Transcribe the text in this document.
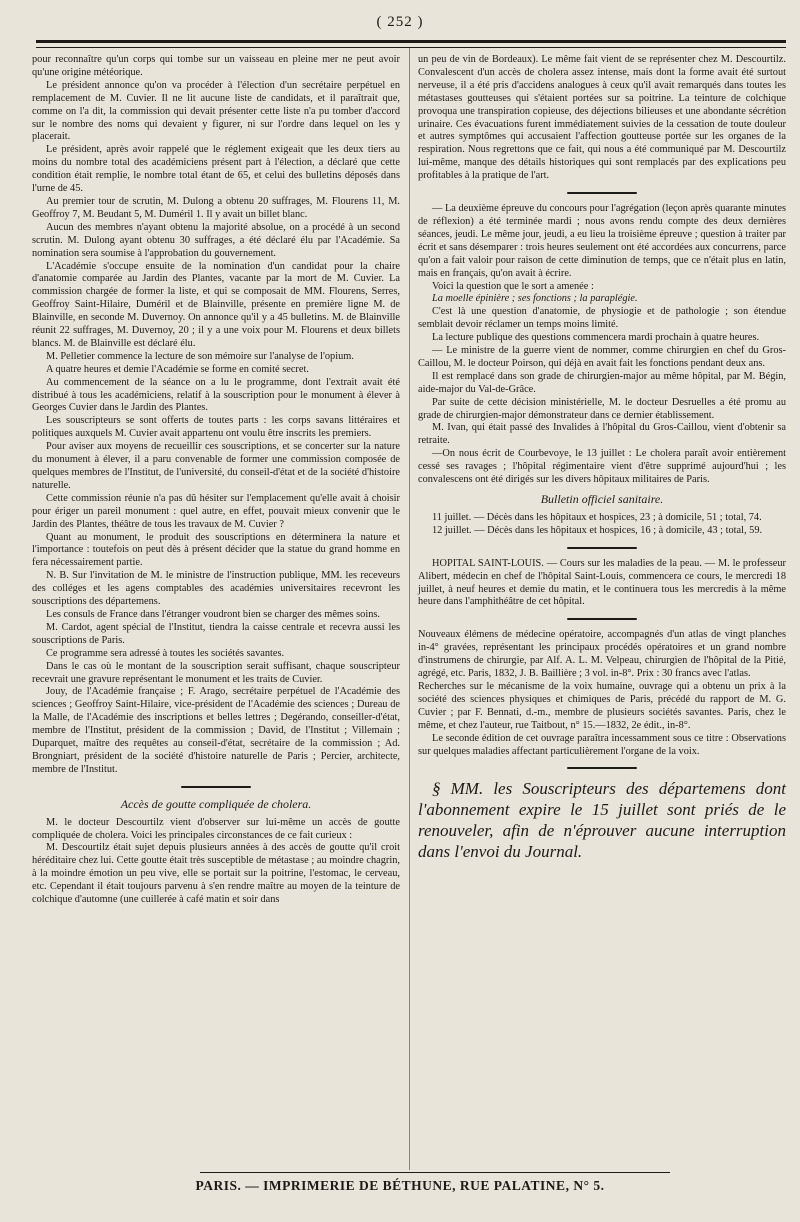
( 252 )

pour reconnaître qu'un corps qui tombe sur un vaisseau en pleine mer ne peut avoir qu'une origine météorique.

Le président annonce qu'on va procéder à l'élection d'un secrétaire perpétuel en remplacement de M. Cuvier. Il ne lit aucune liste de candidats, et il paraîtrait que, comme on l'a dit, la commission qui devait présenter cette liste n'a pu tomber d'accord sur le nombre des noms qui devaient y figurer, ni sur l'ordre dans lequel on les y placerait.

Le président, après avoir rappelé que le réglement exigeait que les deux tiers au moins du nombre total des académiciens présent part à l'élection, a déclaré que cette condition était remplie, le nombre total étant de 65, et celui des bulletins déposés dans l'urne de 45.

Au premier tour de scrutin, M. Dulong a obtenu 20 suffrages, M. Flourens 11, M. Geoffroy 7, M. Beudant 5, M. Duméril 1. Il y avait un billet blanc.

Aucun des membres n'ayant obtenu la majorité absolue, on a procédé à un second scrutin. M. Dulong ayant obtenu 30 suffrages, a été déclaré élu par l'Académie. Sa nomination sera soumise à l'approbation du gouvernement.

L'Académie s'occupe ensuite de la nomination d'un candidat pour la chaire d'anatomie comparée au Jardin des Plantes, vacante par la mort de M. Cuvier. La commission chargée de former la liste, et qui se composait de MM. Flourens, Serres, Geoffroy Saint-Hilaire, Duméril et de Blainville, présente en première ligne M. de Blainville, en seconde M. Duvernoy. On annonce qu'il y a 45 bulletins. M. de Blainville réunit 22 suffrages, M. Duvernoy, 20 ; il y a une voix pour M. Flourens et deux billets blancs. M. de Blainville est déclaré élu.

M. Pelletier commence la lecture de son mémoire sur l'analyse de l'opium.

A quatre heures et demie l'Académie se forme en comité secret.

Au commencement de la séance on a lu le programme, dont l'extrait avait été distribué à tous les académiciens, relatif à la souscription pour le monument à élever à Georges Cuvier dans le Jardin des Plantes.

Les souscripteurs se sont offerts de toutes parts : les corps savans littéraires et politiques auxquels M. Cuvier avait appartenu ont voulu être inscrits les premiers.

Pour aviser aux moyens de recueillir ces souscriptions, et se concerter sur la nature du monument à élever, il a paru convenable de former une commission composée de quelques membres de l'Institut, de l'université, du conseil-d'état et de la société d'histoire naturelle.

Cette commission réunie n'a pas dû hésiter sur l'emplacement qu'elle avait à choisir pour ériger un pareil monument : quel autre, en effet, pouvait mieux convenir que le Jardin des Plantes, théâtre de tous les travaux de M. Cuvier ?

Quant au monument, le produit des souscriptions en déterminera la nature et l'importance : toutefois on peut dès à présent décider que la statue du grand homme en fera nécessairement partie.

N. B. Sur l'invitation de M. le ministre de l'instruction publique, MM. les receveurs des colléges et les agens comptables des académies universitaires recevront les souscriptions des départemens.

Les consuls de France dans l'étranger voudront bien se charger des mêmes soins.

M. Cardot, agent spécial de l'Institut, tiendra la caisse centrale et recevra aussi les souscriptions de Paris.

Ce programme sera adressé à toutes les sociétés savantes.

Dans le cas où le montant de la souscription serait suffisant, chaque souscripteur recevrait une gravure représentant le monument et les traits de Cuvier.

Jouy, de l'Académie française ; F. Arago, secrétaire perpétuel de l'Académie des sciences ; Geoffroy Saint-Hilaire, vice-président de l'Académie des sciences ; Dureau de la Malle, de l'Académie des inscriptions et belles lettres ; Degérando, conseiller-d'état, membre de l'Institut, président de la commission ; David, de l'Institut ; Villemain ; Duparquet, maître des requêtes au conseil-d'état, secrétaire de la commission ; Ad. Brongniart, président de la société d'histoire naturelle de Paris ; Percier, architecte, membre de l'Institut.

Accès de goutte compliquée de cholera.

M. le docteur Descourtilz vient d'observer sur lui-même un accès de goutte compliquée de cholera. Voici les principales circonstances de ce fait curieux :

M. Descourtilz était sujet depuis plusieurs années à des accès de goutte qu'il croit héréditaire chez lui. Cette goutte était très susceptible de métastase ; au moindre chagrin, à la moindre émotion un peu vive, elle se portait sur la poitrine, l'estomac, le cerveau, etc. Cependant il était toujours parvenu à s'en rendre maître au moyen de la teinture de colchique d'automne (une cuillerée à café matin et soir dans

un peu de vin de Bordeaux). Le même fait vient de se représenter chez M. Descourtilz. Convalescent d'un accès de cholera assez intense, mais dont la forme avait été surtout nerveuse, il a été pris d'accidens analogues à ceux qu'il avait remarqués dans toutes les métastases goutteuses qui s'étaient portées sur sa poitrine. La teinture de colchique provoqua une transpiration copieuse, des déjections bilieuses et une abondante sécrétion urinaire. Ces évacuations furent immédiatement suivies de la cessation de toute douleur et autres symptômes qui accusaient l'affection goutteuse portée sur les organes de la respiration. Nous regrettons que ce fait, qui nous a été communiqué par M. Descourtilz lui-même, manque des détails historiques qui sont remplacés par des explications peu profitables à la pratique de l'art.

— La deuxième épreuve du concours pour l'agrégation (leçon après quarante minutes de réflexion) a été terminée mardi ; nous avons rendu compte des deux dernières séances, jeudi. Le même jour, jeudi, a eu lieu la troisième épreuve ; question à traiter par écrit et sans désemparer : trois heures seulement ont été accordées aux concurrens, parce qu'on a fait valoir pour raison de cette diminution de temps, que ce n'était plus en latin, mais en français, qu'on avait à écrire.

Voici la question que le sort a amenée :

La moelle épinière ; ses fonctions ; la paraplégie.

C'est là une question d'anatomie, de physiogie et de pathologie ; son étendue semblait devoir réclamer un temps moins limité.

La lecture publique des questions commencera mardi prochain à quatre heures.

— Le ministre de la guerre vient de nommer, comme chirurgien en chef du Gros-Caillou, M. le docteur Poirson, qui déjà en avait fait les fonctions pendant deux ans.

Il est remplacé dans son grade de chirurgien-major au même hôpital, par M. Bégin, aide-major du Val-de-Grâce.

Par suite de cette décision ministérielle, M. le docteur Desruelles a été promu au grade de chirurgien-major démonstrateur dans ce dernier établissement.

M. Ivan, qui était passé des Invalides à l'hôpital du Gros-Caillou, vient d'obtenir sa retraite.

—On nous écrit de Courbevoye, le 13 juillet : Le cholera paraît avoir entièrement cessé ses ravages ; l'hôpital régimentaire vient d'être supprimé aujourd'hui ; les convalescens ont été dirigés sur les divers hôpitaux militaires de Paris.

Bulletin officiel sanitaire.

11 juillet. — Décès dans les hôpitaux et hospices, 23 ; à domicile, 51 ; total, 74.

12 juillet. — Décès dans les hôpitaux et hospices, 16 ; à domicile, 43 ; total, 59.

HOPITAL SAINT-LOUIS. — Cours sur les maladies de la peau. — M. le professeur Alibert, médecin en chef de l'hôpital Saint-Louis, commencera ce cours, le mercredi 18 juillet, à neuf heures et demie du matin, et le continuera tous les mercredis à la même heure dans l'amphithéâtre de cet hôpital.

Nouveaux élémens de médecine opératoire, accompagnés d'un atlas de vingt planches in-4° gravées, représentant les principaux procédés opératoires et un grand nombre d'instrumens de chirurgie, par Alf. A. L. M. Velpeau, chirurgien de l'hôpital de la Pitié, agrégé, etc. Paris, 1832, J. B. Baillière ; 3 vol. in-8°. Prix : 30 francs avec l'atlas.

Recherches sur le mécanisme de la voix humaine, ouvrage qui a obtenu un prix à la société des sciences physiques et chimiques de Paris, précédé du rapport de M. G. Cuvier ; par F. Bennati, d.-m., membre de plusieurs sociétés savantes. Paris, chez le même, et chez l'auteur, rue Taitbout, n° 15.—1832, 2e édit., in-8°.

Le seconde édition de cet ouvrage paraîtra incessamment sous ce titre : Observations sur quelques maladies affectant particulièrement l'organe de la voix.

§ MM. les Souscripteurs des départemens dont l'abonnement expire le 15 juillet sont priés de le renouveler, afin de n'éprouver aucune interruption dans l'envoi du Journal.

PARIS. — IMPRIMERIE DE BÉTHUNE, RUE PALATINE, N° 5.
